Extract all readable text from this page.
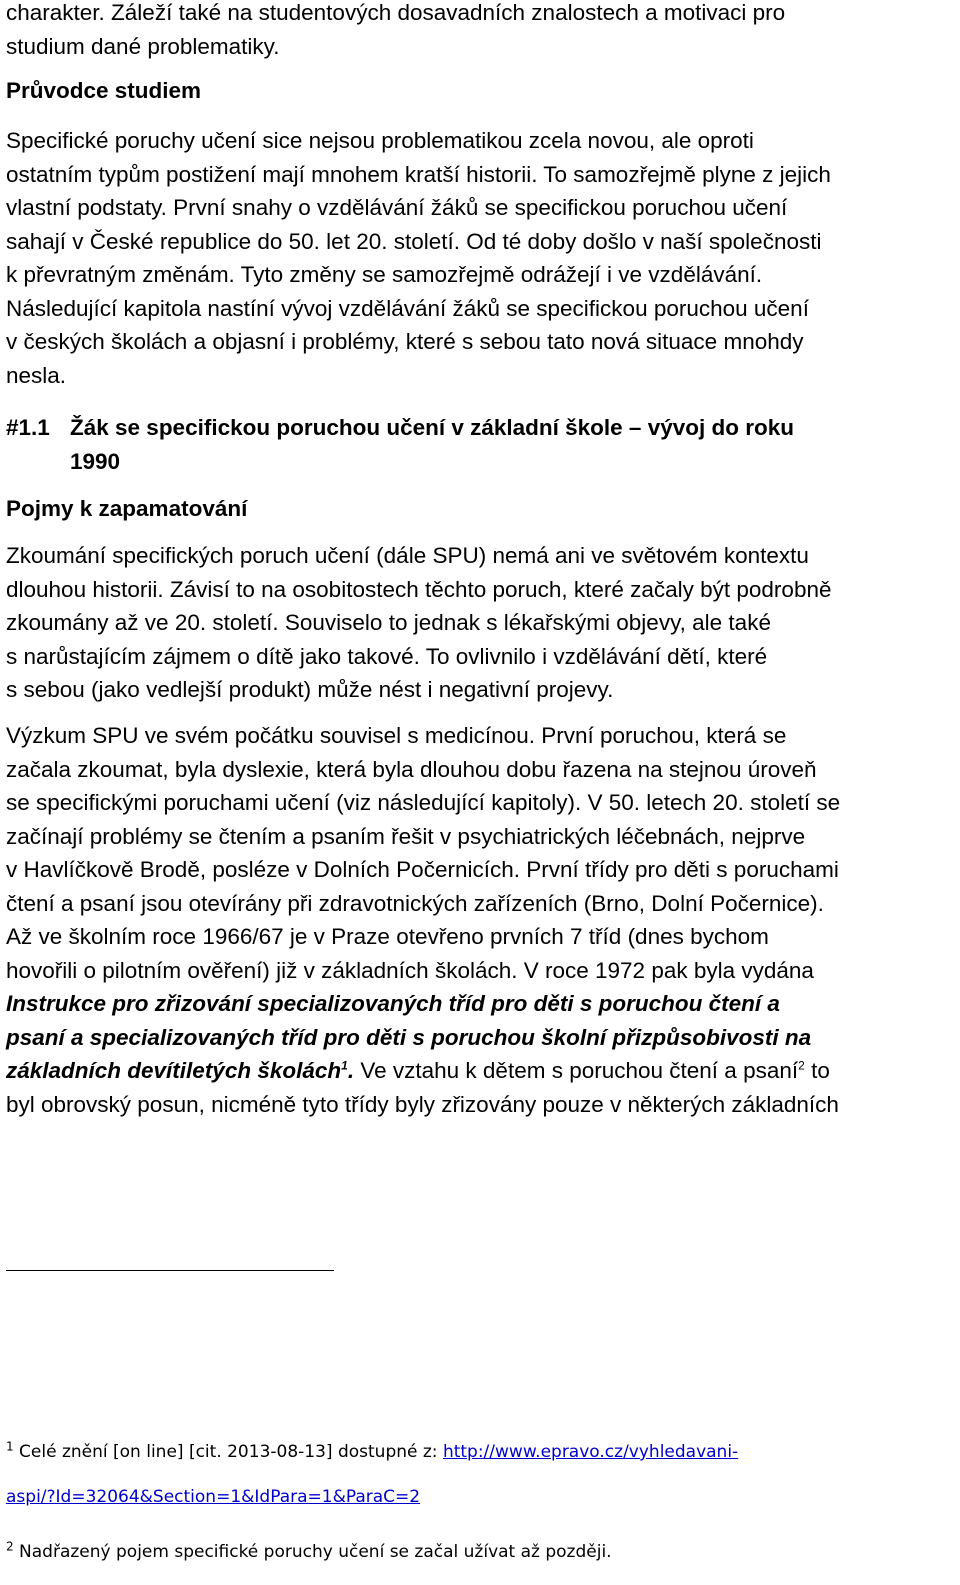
charakter. Záleží také na studentových dosavadních znalostech a motivaci pro

studium dané problematiky.

Průvodce studiem

Specifické poruchy učení sice nejsou problematikou zcela novou, ale oproti

ostatním typům postižení mají mnohem kratší historii. To samozřejmě plyne z jejich

vlastní podstaty. První snahy o vzdělávání žáků se specifickou poruchou učení

sahají v České republice do 50. let 20. století. Od té doby došlo v naší společnosti

k převratným změnám. Tyto změny se samozřejmě odrážejí i ve vzdělávání.

Následující kapitola nastíní vývoj vzdělávání žáků se specifickou poruchou učení

v českých školách a objasní i problémy, které s sebou tato nová situace mnohdy

nesla.

#1.1 Žák se specifickou poruchou učení v základní škole – vývoj do roku
1990

Pojmy k zapamatování

Zkoumání specifických poruch učení (dále SPU) nemá ani ve světovém kontextu

dlouhou historii. Závisí to na osobitostech těchto poruch, které začaly být podrobně

zkoumány až ve 20. století. Souviselo to jednak s lékařskými objevy, ale také

s narůstajícím zájmem o dítě jako takové. To ovlivnilo i vzdělávání dětí, které

s sebou (jako vedlejší produkt) může nést i negativní projevy.

Výzkum SPU ve svém počátku souvisel s medicínou. První poruchou, která se

začala zkoumat, byla dyslexie, která byla dlouhou dobu řazena na stejnou úroveň

se specifickými poruchami učení (viz následující kapitoly). V 50. letech 20. století se

začínají problémy se čtením a psaním řešit v psychiatrických léčebnách, nejprve

v Havlíčkově Brodě, posléze v Dolních Počernicích. První třídy pro děti s poruchami

čtení a psaní jsou otevírány při zdravotnických zařízeních (Brno, Dolní Počernice).

Až ve školním roce 1966/67 je v Praze otevřeno prvních 7 tříd (dnes bychom

hovořili o pilotním ověření) již v základních školách. V roce 1972 pak byla vydána

Instrukce pro zřizování specializovaných tříd pro děti s poruchou čtení a

psaní a specializovaných tříd pro děti s poruchou školní přizpůsobivosti na

základních devítiletých školách$^1$. Ve vztahu k dětem s poruchou čtení a psaní$^2$ to

byl obrovský posun, nicméně tyto třídy byly zřizovány pouze v některých základních

$^1$ Celé znění [on line] [cit. 2013-08-13] dostupné z: http://www.epravo.cz/vyhledavani-

aspi/?Id=32064&Section=1&IdPara=1&ParaC=2

$^2$ Nadřazený pojem specifické poruchy učení se začal užívat až později.
